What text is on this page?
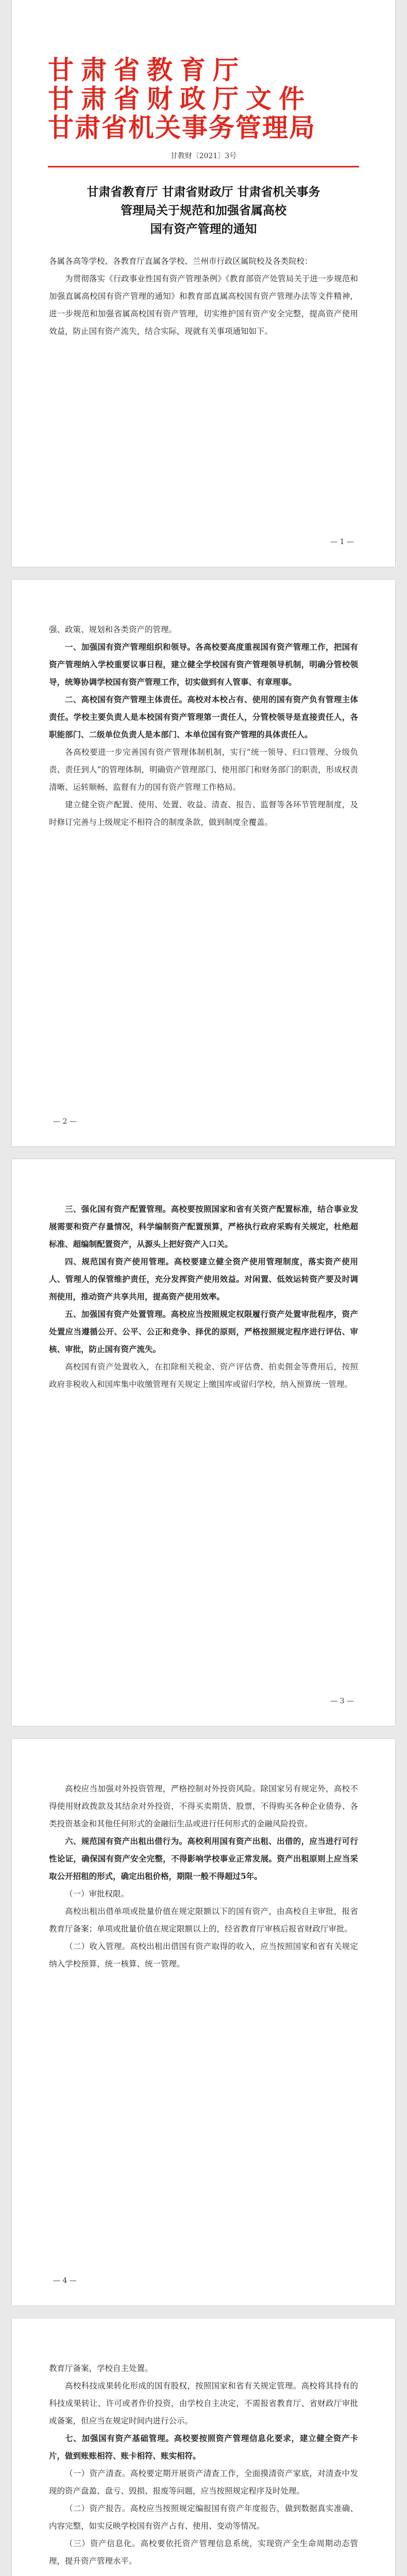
甘肃省教育厅
甘肃省财政厅文件
甘肃省机关事务管理局
甘教财〔2021〕3号
甘肃省教育厅 甘肃省财政厅 甘肃省机关事务
管理局关于规范和加强省属高校
国有资产管理的通知

各属各高等学校、各教育厅直属各学校、兰州市行政区属院校及各类院校：

为贯彻落实《行政事业性国有资产管理条例》《教育部资产处管局关于进一步规范和加强直属高校国有资产管理的通知》和教育部直属高校国有资产管理办法等文件精神，进一步规范和加强省属高校国有资产管理，切实维护国有资产安全完整，提高资产使用效益，防止国有资产流失，结合实际，现就有关事项通知如下。

— 1 —

强、政策、规划和各类资产的管理。

一、加强国有资产管理组织和领导。各高校要高度重视国有资产管理工作，把国有资产管理纳入学校重要议事日程，建立健全学校国有资产管理领导机制，明确分管校领导，统筹协调学校国有资产管理工作，切实做到有人管事、有章理事。

二、高校国有资产管理主体责任。高校对本校占有、使用的国有资产负有管理主体责任。学校主要负责人是本校国有资产管理第一责任人，分管校领导是直接责任人，各职能部门、二级单位负责人是本部门、本单位国有资产管理的具体责任人。

各高校要进一步完善国有资产管理体制机制，实行“统一领导、归口管理、分级负责、责任到人”的管理体制，明确资产管理部门、使用部门和财务部门的职责，形成权责清晰、运转顺畅、监督有力的国有资产管理工作格局。

建立健全资产配置、使用、处置、收益、清查、报告、监督等各环节管理制度，及时修订完善与上级规定不相符合的制度条款，做到制度全覆盖。

— 2 —

三、强化国有资产配置管理。高校要按照国家和省有关资产配置标准，结合事业发展需要和资产存量情况，科学编制资产配置预算，严格执行政府采购有关规定，杜绝超标准、超编制配置资产，从源头上把好资产入口关。

四、规范国有资产使用管理。高校要建立健全资产使用管理制度，落实资产使用人、管理人的保管维护责任，充分发挥资产使用效益。对闲置、低效运转资产要及时调剂使用，推动资产共享共用，提高资产使用效率。

五、加强国有资产处置管理。高校应当按照规定权限履行资产处置审批程序，资产处置应当遵循公开、公平、公正和竞争、择优的原则，严格按照规定程序进行评估、审核、审批，防止国有资产流失。

高校国有资产处置收入，在扣除相关税金、资产评估费、拍卖佣金等费用后，按照政府非税收入和国库集中收缴管理有关规定上缴国库或留归学校，纳入预算统一管理。

— 3 —

高校应当加强对外投资管理，严格控制对外投资风险。除国家另有规定外，高校不得使用财政拨款及其结余对外投资，不得买卖期货、股票，不得购买各种企业债券、各类投资基金和其他任何形式的金融衍生品或进行任何形式的金融风险投资。

六、规范国有资产出租出借行为。高校利用国有资产出租、出借的，应当进行可行性论证，确保国有资产安全完整，不得影响学校事业正常发展。资产出租原则上应当采取公开招租的形式，确定出租价格，期限一般不得超过5年。

（一）审批权限。

高校出租出借单项或批量价值在规定限额以下的国有资产，由高校自主审批，报省教育厅备案；单项或批量价值在规定限额以上的，经省教育厅审核后报省财政厅审批。

（二）收入管理。高校出租出借国有资产取得的收入，应当按照国家和省有关规定纳入学校预算，统一核算、统一管理。

— 4 —

教育厅备案，学校自主处置。

高校科技成果转化形成的国有股权，按照国家和省有关规定管理。高校将其持有的科技成果转让、许可或者作价投资，由学校自主决定，不需报省教育厅、省财政厅审批或备案，但应当在规定时间内进行公示。

七、加强国有资产基础管理。高校要按照资产管理信息化要求，建立健全资产卡片，做到账账相符、账卡相符、账实相符。

（一）资产清查。高校要定期开展资产清查工作，全面摸清资产家底，对清查中发现的资产盘盈、盘亏、毁损、报废等问题，应当按照规定程序及时处理。

（二）资产报告。高校应当按照规定编报国有资产年度报告，做到数据真实准确、内容完整，如实反映学校国有资产占有、使用、变动等情况。

（三）资产信息化。高校要依托资产管理信息系统，实现资产全生命周期动态管理，提升资产管理水平。
